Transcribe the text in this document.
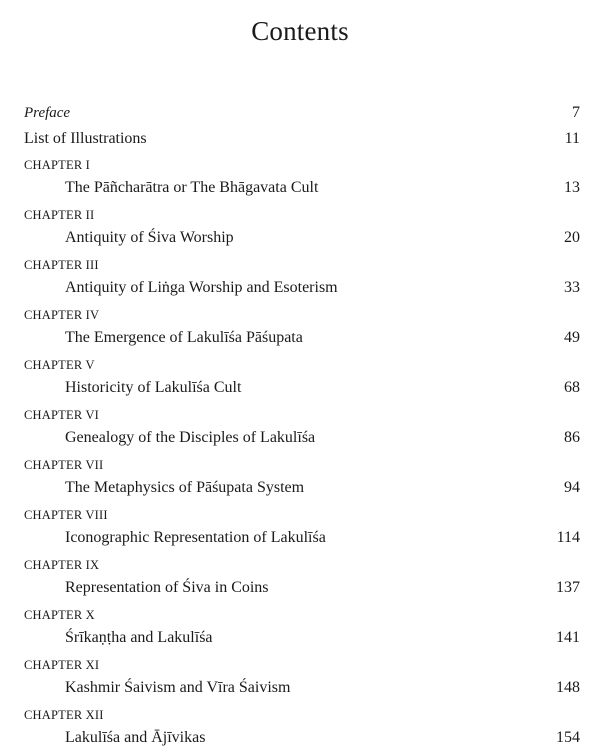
Contents
Preface	7
List of Illustrations	11
CHAPTER I
The Pāñcharātra or The Bhāgavata Cult	13
CHAPTER II
Antiquity of Śiva Worship	20
CHAPTER III
Antiquity of Liṅga Worship and Esoterism	33
CHAPTER IV
The Emergence of Lakulīśa Pāśupata	49
CHAPTER V
Historicity of Lakulīśa Cult	68
CHAPTER VI
Genealogy of the Disciples of Lakulīśa	86
CHAPTER VII
The Metaphysics of Pāśupata System	94
CHAPTER VIII
Iconographic Representation of Lakulīśa	114
CHAPTER IX
Representation of Śiva in Coins	137
CHAPTER X
Śrīkaṇṭha and Lakulīśa	141
CHAPTER XI
Kashmir Śaivism and Vīra Śaivism	148
CHAPTER XII
Lakulīśa and Ājīvikas	154
